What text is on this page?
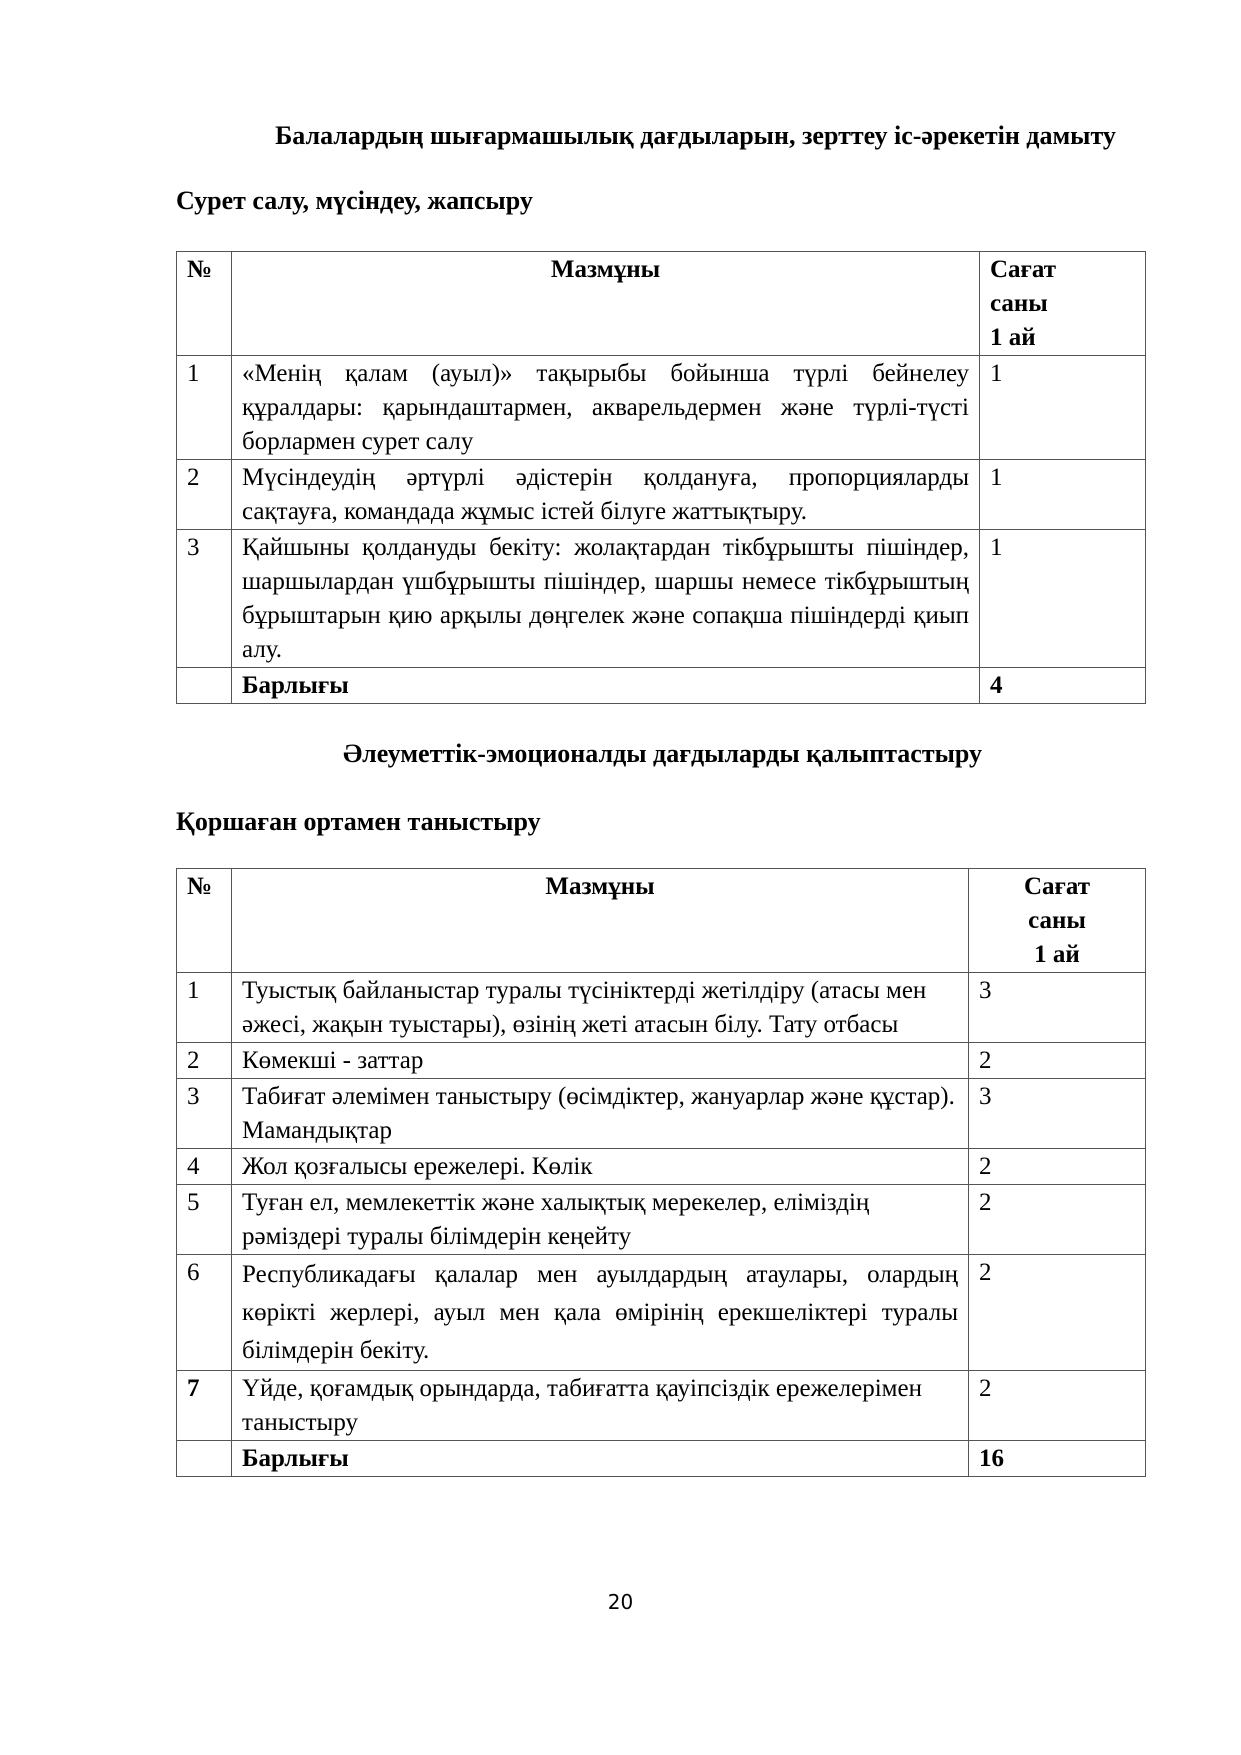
Балалардың шығармашылық дағдыларын, зерттеу іс-әрекетін дамыту
Сурет салу, мүсіндеу, жапсыру
№	Мазмұны	Сағат
саны
1 ай
1	«Менің қалам (ауыл)» тақырыбы бойынша түрлі бейнелеу құралдары: қарындаштармен, акварельдермен және түрлі-түсті борлармен сурет салу	1
2	Мүсіндеудің әртүрлі әдістерін қолдануға, пропорцияларды сақтауға, командада жұмыс істей білуге жаттықтыру.	1
3	Қайшыны қолдануды бекіту: жолақтардан тікбұрышты пішіндер, шаршылардан үшбұрышты пішіндер, шаршы немесе тікбұрыштың бұрыштарын қию арқылы дөңгелек және сопақша пішіндерді қиып алу.	1
	Барлығы	4
Әлеуметтік-эмоционалды дағдыларды қалыптастыру
Қоршаған ортамен таныстыру
№	Мазмұны	Сағат
саны
1 ай
1	Туыстық байланыстар туралы түсініктерді жетілдіру (атасы мен әжесі, жақын туыстары), өзінің жеті атасын білу. Тату отбасы	3
2	Көмекші - заттар	2
3	Табиғат әлемімен таныстыру (өсімдіктер, жануарлар және құстар). Мамандықтар	3
4	Жол қозғалысы ережелері. Көлік	2
5	Туған ел, мемлекеттік және халықтық мерекелер, еліміздің рәміздері туралы білімдерін кеңейту	2
6	Республикадағы қалалар мен ауылдардың атаулары, олардың көрікті жерлері, ауыл мен қала өмірінің ерекшеліктері туралы білімдерін бекіту.	2
7	Үйде, қоғамдық орындарда, табиғатта қауіпсіздік ережелерімен таныстыру	2
	Барлығы	16
20
